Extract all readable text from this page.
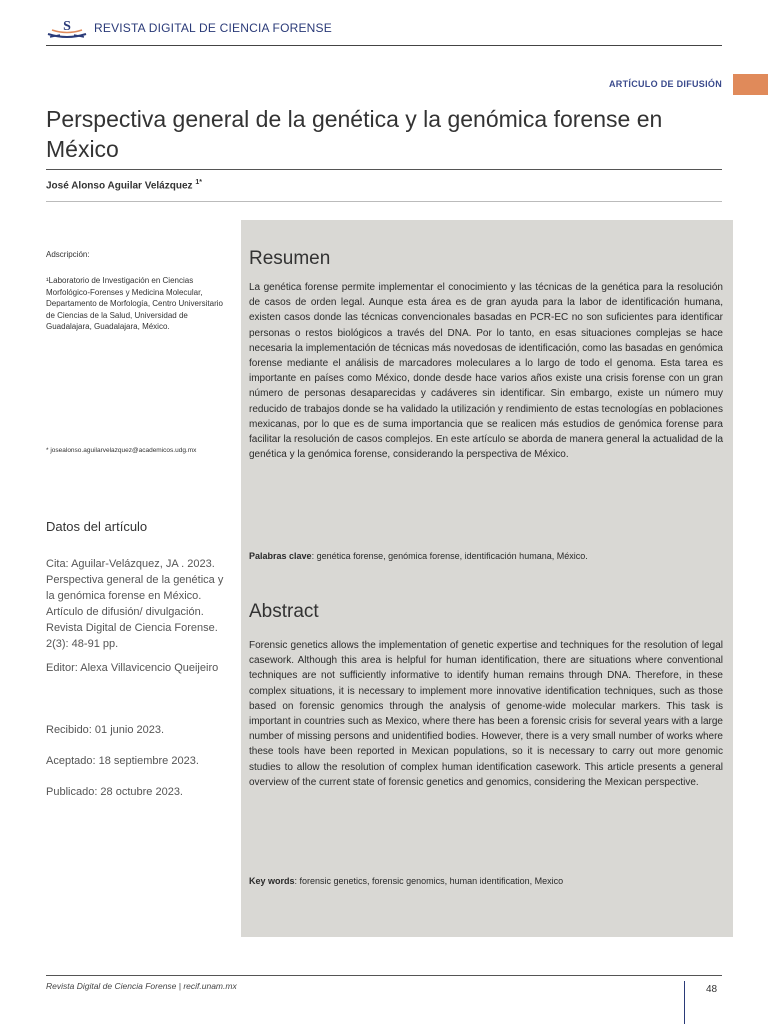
S REVISTA DIGITAL DE CIENCIA FORENSE
ARTÍCULO DE DIFUSIÓN
Perspectiva general de la genética y la genómica forense en México
José Alonso Aguilar Velázquez $^{1*}$
Adscripción:
¹Laboratorio de Investigación en Ciencias Morfológico-Forenses y Medicina Molecular, Departamento de Morfología, Centro Universitario de Ciencias de la Salud, Universidad de Guadalajara, Guadalajara, México.
* josealonso.aguilarvelazquez@academicos.udg.mx
Datos del artículo
Cita: Aguilar-Velázquez, JA . 2023. Perspectiva general de la genética y la genómica forense en México. Artículo de difusión/ divulgación. Revista Digital de Ciencia Forense. 2(3): 48-91 pp.
Editor: Alexa Villavicencio Queijeiro
Recibido: 01 junio 2023.
Aceptado: 18 septiembre 2023.
Publicado: 28 octubre 2023.
Resumen
La genética forense permite implementar el conocimiento y las técnicas de la genética para la resolución de casos de orden legal. Aunque esta área es de gran ayuda para la labor de identificación humana, existen casos donde las técnicas convencionales basadas en PCR-EC no son suficientes para identificar personas o restos biológicos a través del DNA. Por lo tanto, en esas situaciones complejas se hace necesaria la implementación de técnicas más novedosas de identificación, como las basadas en genómica forense mediante el análisis de marcadores moleculares a lo largo de todo el genoma. Esta tarea es importante en países como México, donde desde hace varios años existe una crisis forense con un gran número de personas desaparecidas y cadáveres sin identificar. Sin embargo, existe un número muy reducido de trabajos donde se ha validado la utilización y rendimiento de estas tecnologías en poblaciones mexicanas, por lo que es de suma importancia que se realicen más estudios de genómica forense para facilitar la resolución de casos complejos. En este artículo se aborda de manera general la actualidad de la genética y la genómica forense, considerando la perspectiva de México.
Palabras clave: genética forense, genómica forense, identificación humana, México.
Abstract
Forensic genetics allows the implementation of genetic expertise and techniques for the resolution of legal casework. Although this area is helpful for human identification, there are situations where conventional techniques are not sufficiently informative to identify human remains through DNA. Therefore, in these complex situations, it is necessary to implement more innovative identification techniques, such as those based on forensic genomics through the analysis of genome-wide molecular markers. This task is important in countries such as Mexico, where there has been a forensic crisis for several years with a large number of missing persons and unidentified bodies. However, there is a very small number of works where these tools have been reported in Mexican populations, so it is necessary to carry out more genomic studies to allow the resolution of complex human identification casework. This article presents a general overview of the current state of forensic genetics and genomics, considering the Mexican perspective.
Key words: forensic genetics, forensic genomics, human identification, Mexico
Revista Digital de Ciencia Forense | recif.unam.mx	48
